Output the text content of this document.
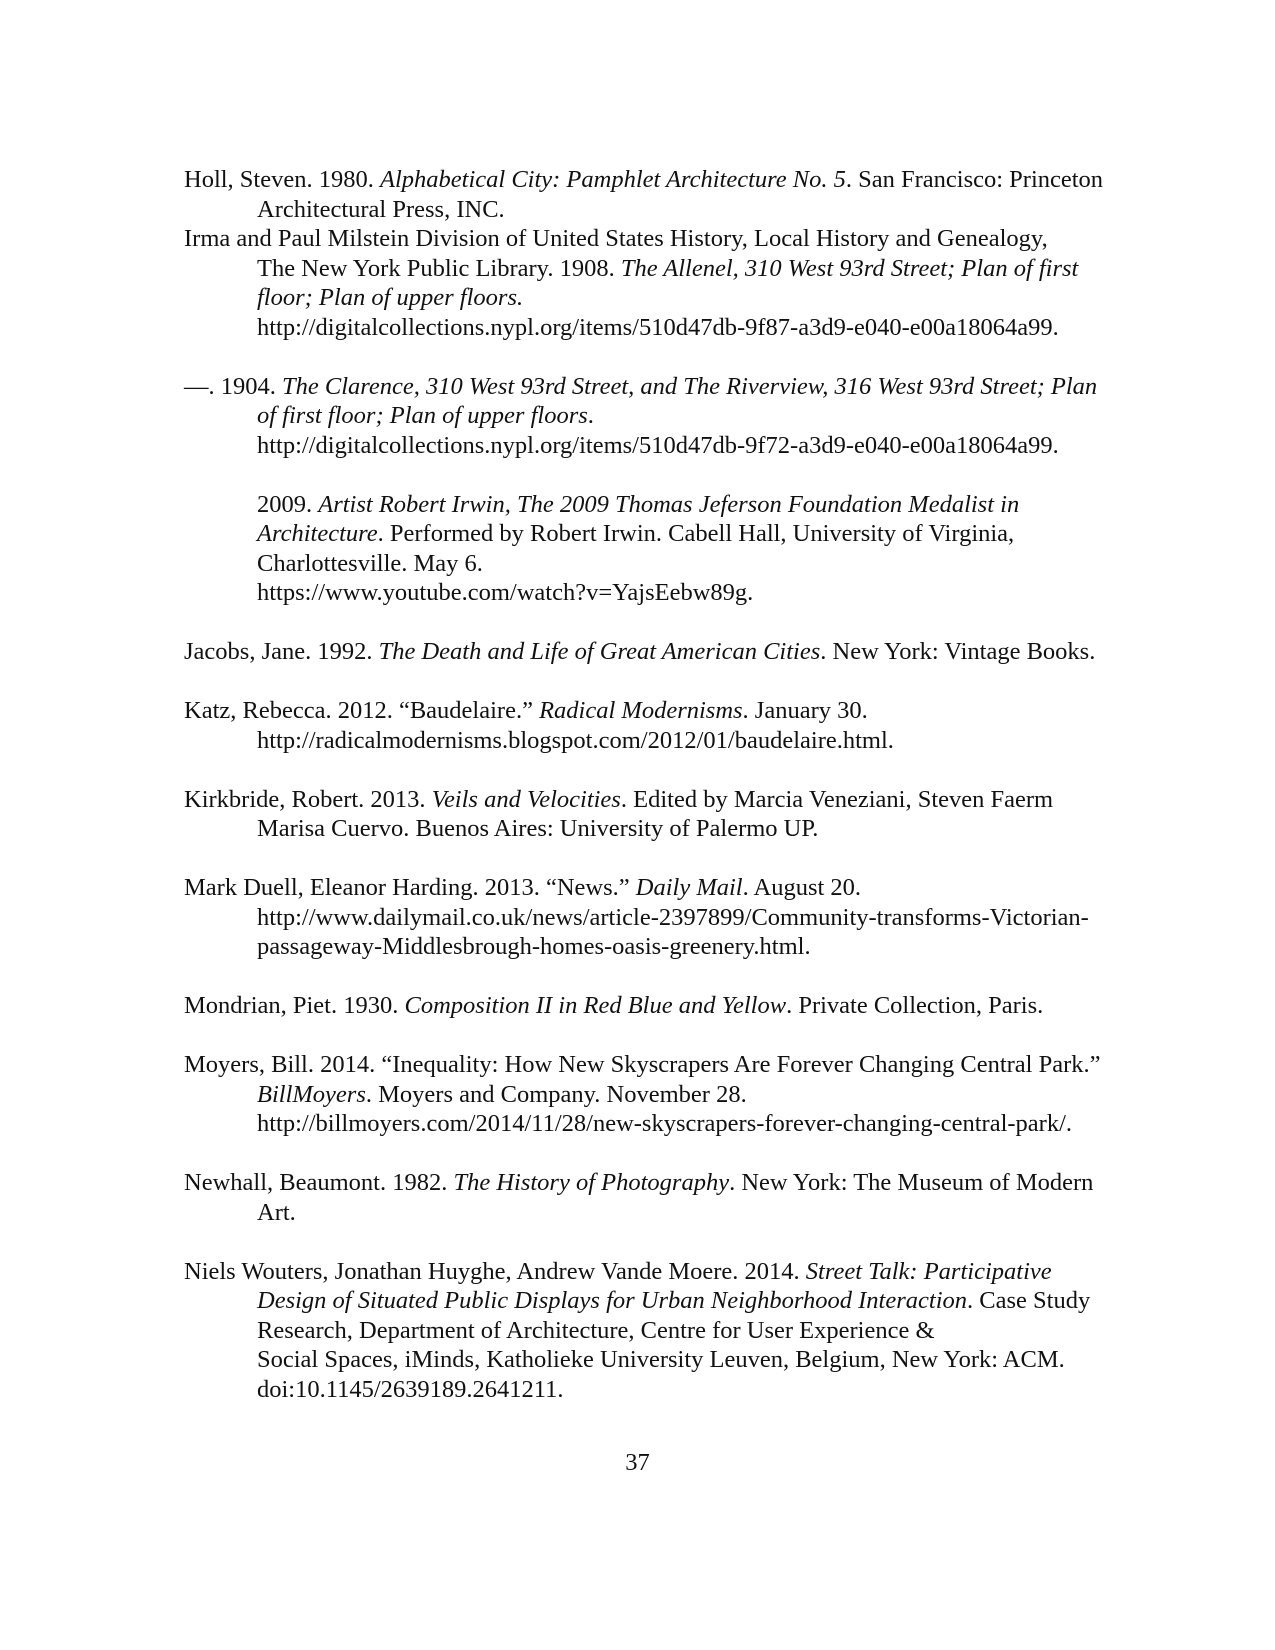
Holl, Steven. 1980. Alphabetical City: Pamphlet Architecture No. 5. San Francisco: Princeton
Architectural Press, INC.
Irma and Paul Milstein Division of United States History, Local History and Genealogy,
The New York Public Library. 1908. The Allenel, 310 West 93rd Street; Plan of first
floor; Plan of upper floors.
http://digitalcollections.nypl.org/items/510d47db-9f87-a3d9-e040-e00a18064a99.
—. 1904. The Clarence, 310 West 93rd Street, and The Riverview, 316 West 93rd Street; Plan
of first floor; Plan of upper floors.
http://digitalcollections.nypl.org/items/510d47db-9f72-a3d9-e040-e00a18064a99.
2009. Artist Robert Irwin, The 2009 Thomas Jeferson Foundation Medalist in
Architecture. Performed by Robert Irwin. Cabell Hall, University of Virginia,
Charlottesville. May 6.
https://www.youtube.com/watch?v=YajsEebw89g.
Jacobs, Jane. 1992. The Death and Life of Great American Cities. New York: Vintage Books.
Katz, Rebecca. 2012. “Baudelaire.” Radical Modernisms. January 30.
http://radicalmodernisms.blogspot.com/2012/01/baudelaire.html.
Kirkbride, Robert. 2013. Veils and Velocities. Edited by Marcia Veneziani, Steven Faerm
Marisa Cuervo. Buenos Aires: University of Palermo UP.
Mark Duell, Eleanor Harding. 2013. “News.” Daily Mail. August 20.
http://www.dailymail.co.uk/news/article-2397899/Community-transforms-Victorian-
passageway-Middlesbrough-homes-oasis-greenery.html.
Mondrian, Piet. 1930. Composition II in Red Blue and Yellow. Private Collection, Paris.
Moyers, Bill. 2014. “Inequality: How New Skyscrapers Are Forever Changing Central Park.”
BillMoyers. Moyers and Company. November 28.
http://billmoyers.com/2014/11/28/new-skyscrapers-forever-changing-central-park/.
Newhall, Beaumont. 1982. The History of Photography. New York: The Museum of Modern
Art.
Niels Wouters, Jonathan Huyghe, Andrew Vande Moere. 2014. Street Talk: Participative
Design of Situated Public Displays for Urban Neighborhood Interaction. Case Study
Research, Department of Architecture, Centre for User Experience &
Social Spaces, iMinds, Katholieke University Leuven, Belgium, New York: ACM.
doi:10.1145/2639189.2641211.
37
